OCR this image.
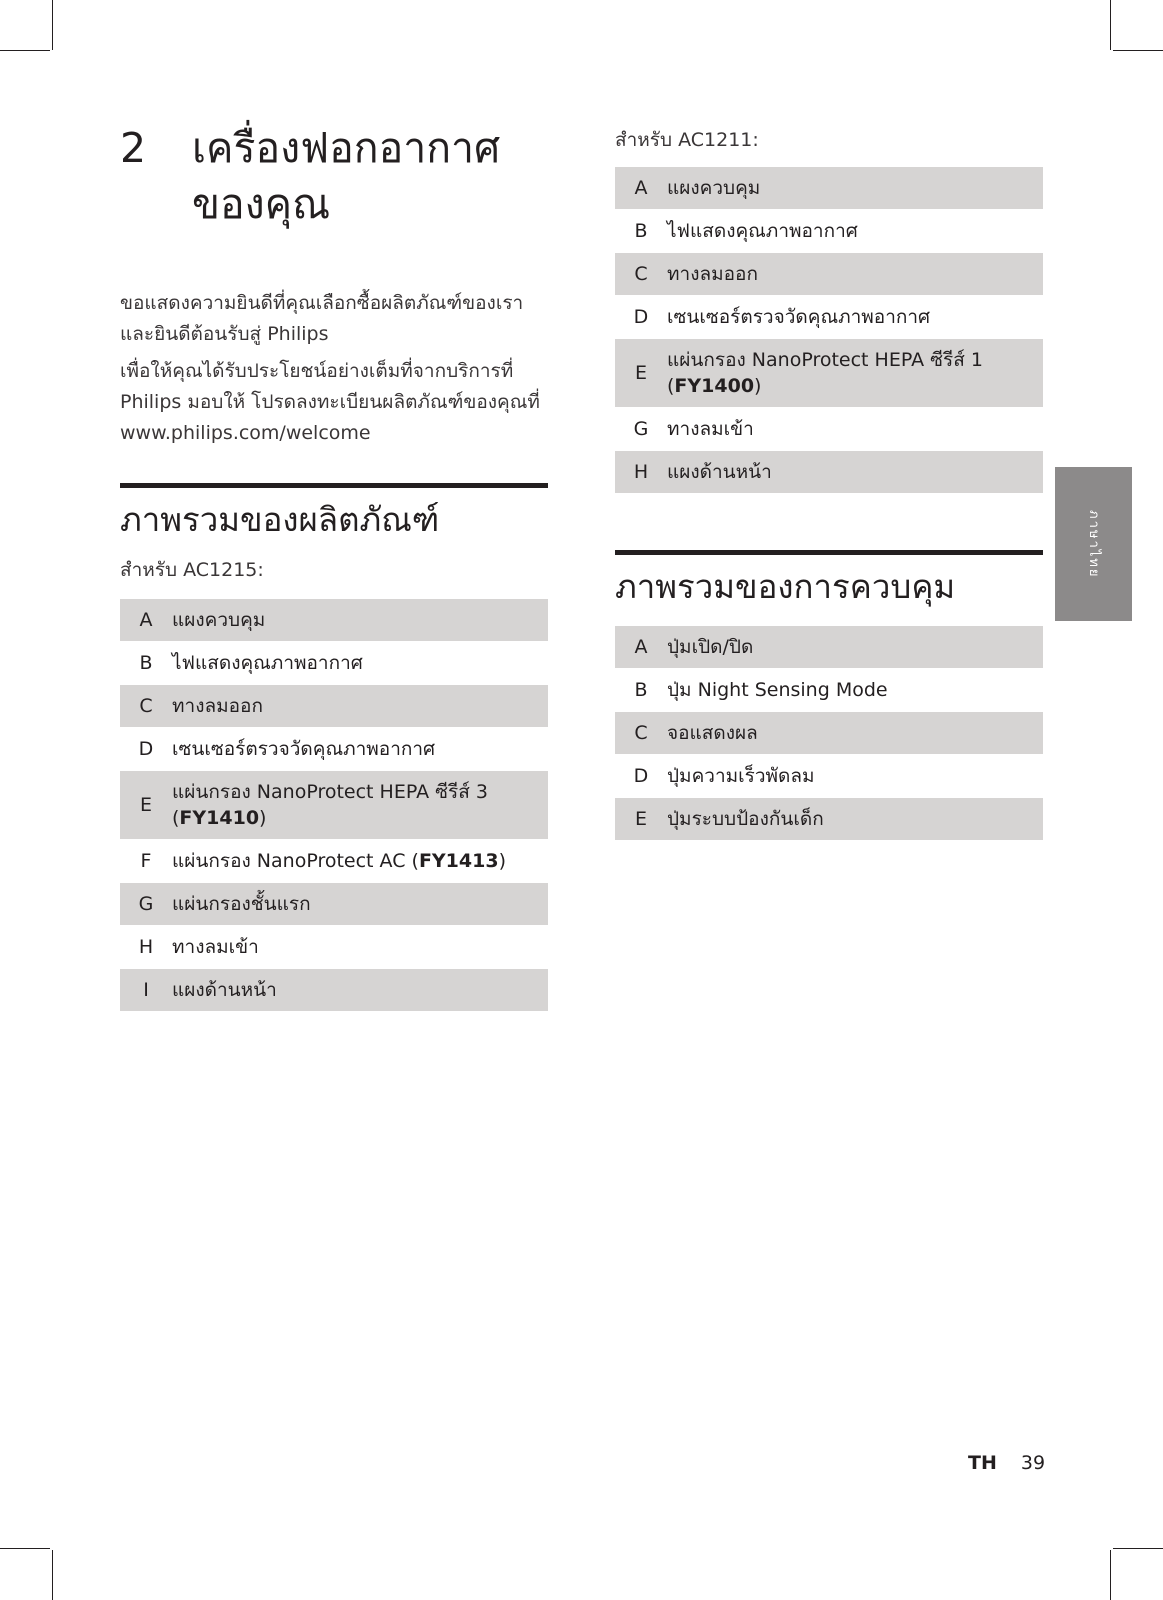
2	เครื่องฟอกอากาศ
ของคุณ

ขอแสดงความยินดีที่คุณเลือกซื้อผลิตภัณฑ์ของเรา และยินดีต้อนรับสู่ Philips

เพื่อให้คุณได้รับประโยชน์อย่างเต็มที่จากบริการที่ Philips มอบให้ โปรดลงทะเบียนผลิตภัณฑ์ของคุณที่ www.philips.com/welcome

ภาพรวมของผลิตภัณฑ์
สำหรับ AC1215:
A	แผงควบคุม
B	ไฟแสดงคุณภาพอากาศ
C	ทางลมออก
D	เซนเซอร์ตรวจวัดคุณภาพอากาศ
E	แผ่นกรอง NanoProtect HEPA ซีรีส์ 3 (FY1410)
F	แผ่นกรอง NanoProtect AC (FY1413)
G	แผ่นกรองชั้นแรก
H	ทางลมเข้า
I	แผงด้านหน้า
สำหรับ AC1211:
A	แผงควบคุม
B	ไฟแสดงคุณภาพอากาศ
C	ทางลมออก
D	เซนเซอร์ตรวจวัดคุณภาพอากาศ
E	แผ่นกรอง NanoProtect HEPA ซีรีส์ 1 (FY1400)
G	ทางลมเข้า
H	แผงด้านหน้า
ภาพรวมของการควบคุม
A	ปุ่มเปิด/ปิด
B	ปุ่ม Night Sensing Mode
C	จอแสดงผล
D	ปุ่มความเร็วพัดลม
E	ปุ่มระบบป้องกันเด็ก
ภาษาไทย
TH 39
